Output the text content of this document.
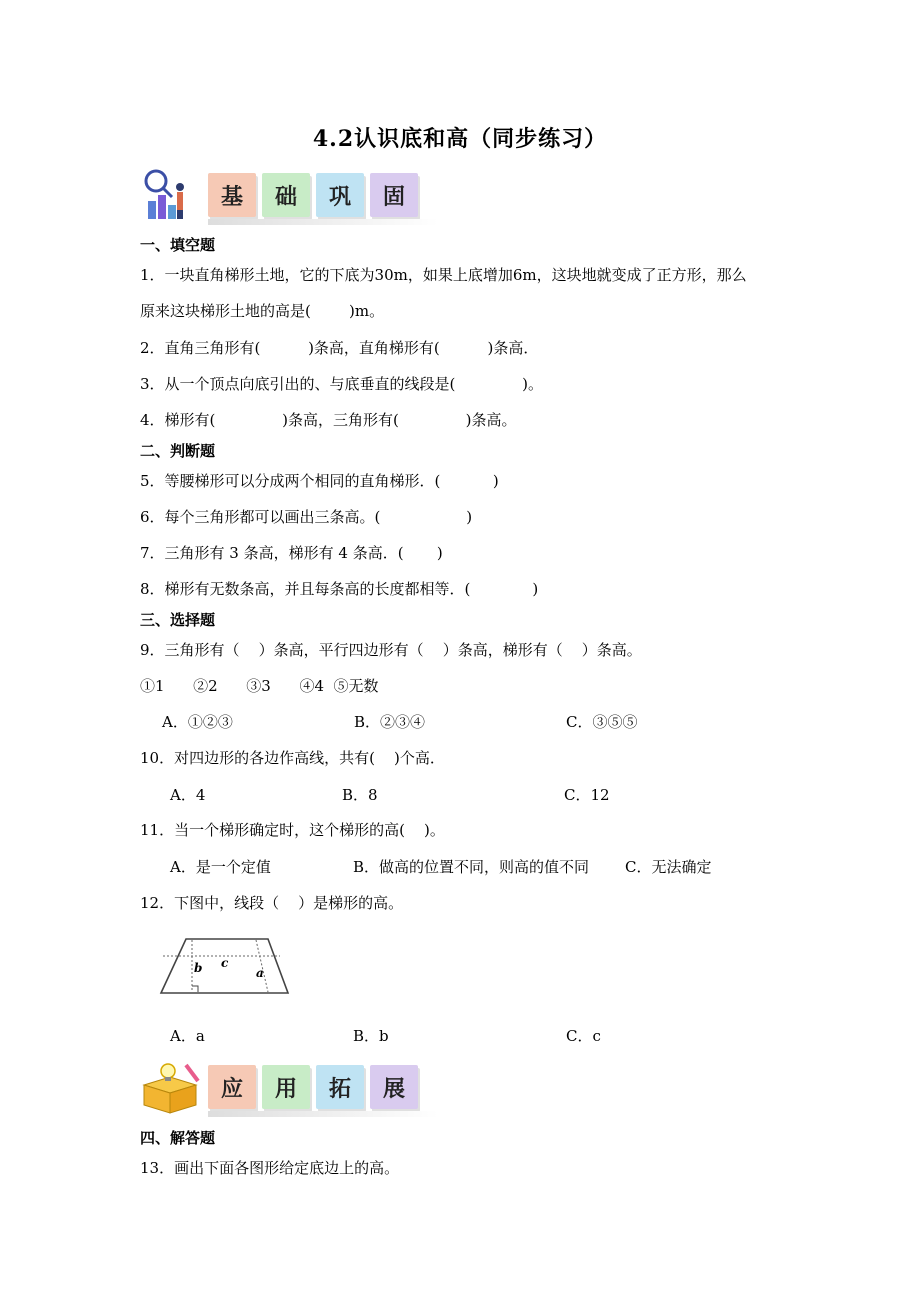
4.2认识底和高（同步练习）
基	础	巩	固
一、填空题
1．一块直角梯形土地，它的下底为30m，如果上底增加6m，这块地就变成了正方形，那么
原来这块梯形土地的高是(        )m。
2．直角三角形有(          )条高，直角梯形有(          )条高．
3．从一个顶点向底引出的、与底垂直的线段是(              )。
4．梯形有(              )条高，三角形有(              )条高。
二、判断题
5．等腰梯形可以分成两个相同的直角梯形．(           )
6．每个三角形都可以画出三条高。(                  )
7．三角形有 3 条高，梯形有 4 条高．(       )
8．梯形有无数条高，并且每条高的长度都相等．(             )
三、选择题
9．三角形有（    ）条高，平行四边形有（    ）条高，梯形有（    ）条高。
①1      ②2      ③3      ④4  ⑤无数
A．①②③	B．②③④	C．③⑤⑤
10．对四边形的各边作高线，共有(    )个高．
A．4	B．8	C．12
11．当一个梯形确定时，这个梯形的高(    )。
A．是一个定值	B．做高的位置不同，则高的值不同 C．无法确定
12．下图中，线段（    ）是梯形的高。
b c
a
A．a	B．b	C．c
应	用	拓	展
四、解答题
13．画出下面各图形给定底边上的高。
